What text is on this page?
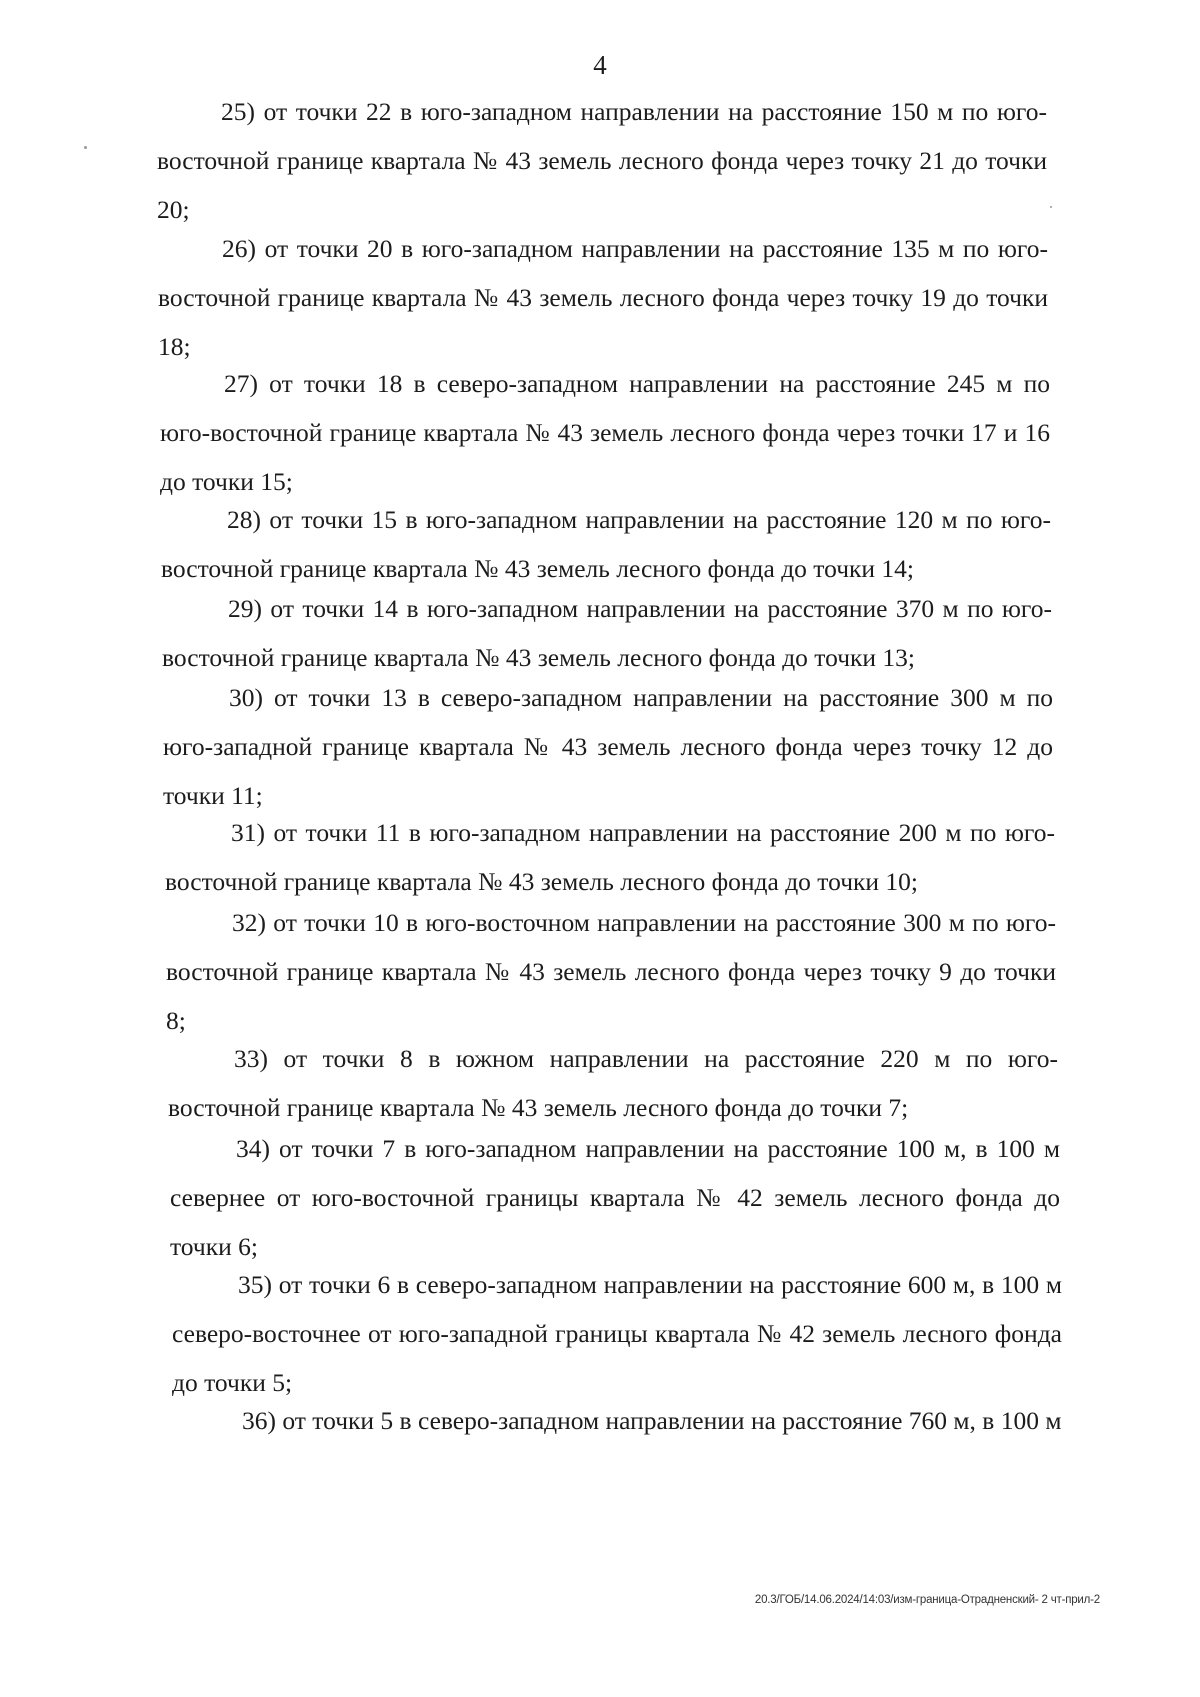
4

25) от точки 22 в юго-западном направлении на расстояние 150 м по юго-восточной границе квартала № 43 земель лесного фонда через точку 21 до точки 20;

26) от точки 20 в юго-западном направлении на расстояние 135 м по юго-восточной границе квартала № 43 земель лесного фонда через точку 19 до точки 18;

27) от точки 18 в северо-западном направлении на расстояние 245 м по юго-восточной границе квартала № 43 земель лесного фонда через точки 17 и 16 до точки 15;

28) от точки 15 в юго-западном направлении на расстояние 120 м по юго-восточной границе квартала № 43 земель лесного фонда до точки 14;

29) от точки 14 в юго-западном направлении на расстояние 370 м по юго-восточной границе квартала № 43 земель лесного фонда до точки 13;

30) от точки 13 в северо-западном направлении на расстояние 300 м по юго-западной границе квартала № 43 земель лесного фонда через точку 12 до точки 11;

31) от точки 11 в юго-западном направлении на расстояние 200 м по юго-восточной границе квартала № 43 земель лесного фонда до точки 10;

32) от точки 10 в юго-восточном направлении на расстояние 300 м по юго-восточной границе квартала № 43 земель лесного фонда через точку 9 до точки 8;

33) от точки 8 в южном направлении на расстояние 220 м по юго-восточной границе квартала № 43 земель лесного фонда до точки 7;

34) от точки 7 в юго-западном направлении на расстояние 100 м, в 100 м севернее от юго-восточной границы квартала № 42 земель лесного фонда до точки 6;

35) от точки 6 в северо-западном направлении на расстояние 600 м, в 100 м северо-восточнее от юго-западной границы квартала № 42 земель лесного фонда до точки 5;

36) от точки 5 в северо-западном направлении на расстояние 760 м, в 100 м

20.3/ГОБ/14.06.2024/14:03/изм-граница-Отрадненский- 2 чт-прил-2
